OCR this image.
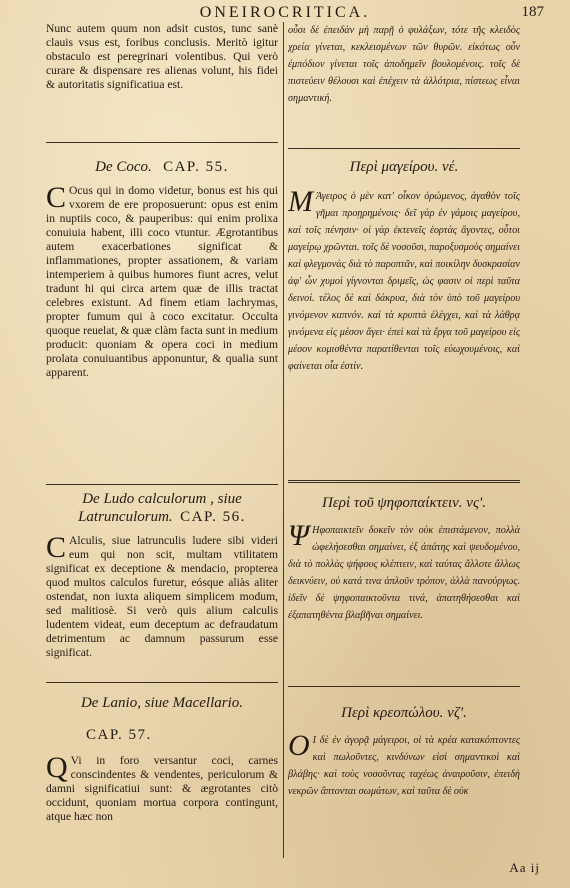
ONEIROCRITICA.	187

Nunc autem quum non adsit custos, tunc sanè clauis vsus est, foribus conclusis. Meritò igitur obstaculo est peregrinari volentibus. Qui verò curare & dispensare res alienas volunt, his fidei & autoritatis significatiua est.

De Coco. CAP. 55.

C Ocus qui in domo videtur, bonus est his qui vxorem de ere proposuerunt: opus est enim in nuptiis coco, & pauperibus: qui enim prolixa conuiuia habent, illi coco vtuntur. Ægrotantibus autem exacerbationes significat & inflammationes, propter assationem, & variam intemperiem à quibus humores fiunt acres, velut tradunt hi qui circa artem quæ de illis tractat celebres existunt. Ad finem etiam lachrymas, propter fumum qui à coco excitatur. Occulta quoque reuelat, & quæ clàm facta sunt in medium producit: quoniam & opera coci in medium prolata conuiuantibus apponuntur, & qualia sunt apparent.

De Ludo calculorum , siue Latrunculorum. CAP. 56.

C Alculis, siue latrunculis ludere sibi videri eum qui non scit, multam vtilitatem significat ex deceptione & mendacio, propterea quod multos calculos furetur, eósque aliàs aliter ostendat, non iuxta aliquem simplicem modum, sed malitiosè. Si verò quis alium calculis ludentem videat, eum deceptum ac defraudatum detrimentum ac damnum passurum esse significat.

De Lanio, siue Macellario.

CAP. 57.

Q Vi in foro versantur coci, carnes conscindentes & vendentes, periculorum & damni significatiui sunt: & ægrotantes citò occidunt, quoniam mortua corpora contingunt, atque hæc non

οὖσι δὲ ἐπειδὰν μὴ παρῇ ὁ φυλάξων, τότε τῆς κλειδὸς χρεία γίνεται, κεκλεισμένων τῶν θυρῶν. εἰκότως οὖν ἐμπόδιον γίνεται τοῖς ἀποδημεῖν βουλομένοις. τοῖς δὲ πιστεύειν θέλουσι καὶ ἐπέχειν τὰ ἀλλότρια, πίστεως εἶναι σημαντική.

Περὶ μαγείρου. νέ.

M Άγειρος ὁ μὲν κατ' οἶκον ὁρώμενος, ἀγαθὸν τοῖς γῆμαι προῃρημένοις· δεῖ γὰρ ἐν γάμοις μαγείρου, καὶ τοῖς πένησιν· οἱ γὰρ ἐκτενεῖς ἑορτὰς ἄγοντες, οὗτοι μαγείρῳ χρῶνται. τοῖς δὲ νοσοῦσι, παροξυσμοὺς σημαίνει καὶ φλεγμονὰς διὰ τὸ παροπτᾶν, καὶ ποικίλην δυσκρασίαν ἀφ' ὧν χυμοὶ γίγνονται δριμεῖς, ὡς φασιν οἱ περὶ ταῦτα δεινοί. τέλος δὲ καὶ δάκρυα, διὰ τὸν ὑπὸ τοῦ μαγείρου γινόμενον καπνόν. καὶ τὰ κρυπτὰ ἐλέγχει, καὶ τὰ λάθρᾳ γινόμενα εἰς μέσον ἄγει· ἐπεὶ καὶ τὰ ἔργα τοῦ μαγείρου εἰς μέσον κομισθέντα παρατίθενται τοῖς εὐωχουμένοις, καὶ φαίνεται οἷα ἐστίν.

Περὶ τοῦ ψηφοπαίκτειν. νς'.

Ψ Ηφοπαικτεῖν δοκεῖν τὸν οὐκ ἐπιστάμενον, πολλὰ ὠφελήσεσθαι σημαίνει, ἐξ ἀπάτης καὶ ψευδομένου, διὰ τὸ πολλὰς ψήφους κλέπτειν, καὶ ταύτας ἄλλοτε ἄλλως δεικνύειν, οὐ κατά τινα ἁπλοῦν τρόπον, ἀλλὰ πανούργως. ἰδεῖν δὲ ψηφοπαικτοῦντα τινά, ἀπατηθήσεσθαι καὶ ἐξαπατηθέντα βλαβῆναι σημαίνει.

Περὶ κρεοπώλου. νζ'.

O Ι δὲ ἐν ἀγορᾷ μάγειροι, οἱ τὰ κρέα κατακόπτοντες καὶ πωλοῦντες, κινδύνων εἰσὶ σημαντικοὶ καὶ βλάβης· καὶ τοὺς νοσοῦντας ταχέως ἀναιροῦσιν, ἐπειδὴ νεκρῶν ἅπτονται σωμάτων, καὶ ταῦτα δὲ οὐκ

Aa ij
